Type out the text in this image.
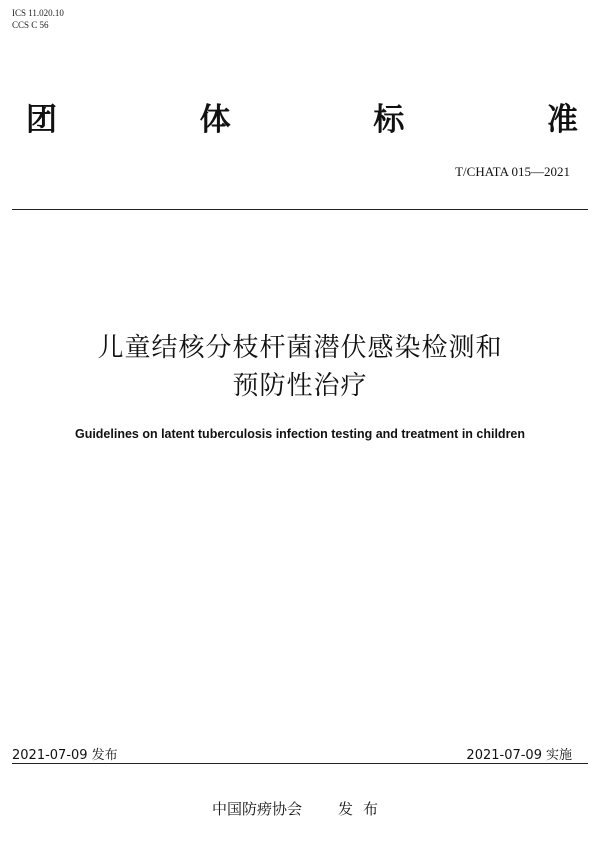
ICS 11.020.10
CCS C 56
团	体	标	准
T/CHATA 015—2021
儿童结核分枝杆菌潜伏感染检测和
预防性治疗
Guidelines on latent tuberculosis infection testing and treatment in children
2021-07-09 发布	2021-07-09 实施
中国防痨协会 发布
